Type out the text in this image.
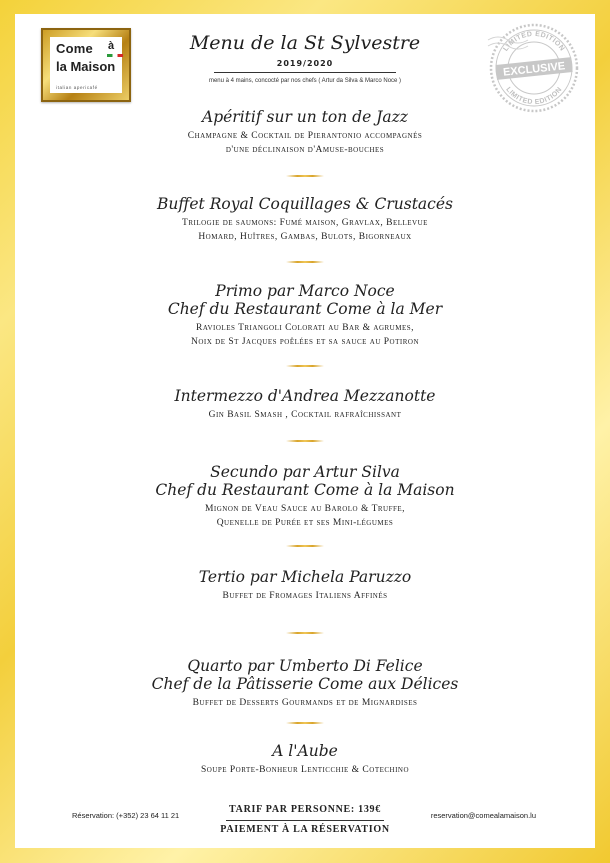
Come à
la Maison
italian apericafé
LIMITED EDITION
LIMITED EDITION
EXCLUSIVE
Menu de la St Sylvestre
2019/2020
menu à 4 mains, concocté par nos chefs ( Artur da Silva & Marco Noce )
Apéritif sur un ton de Jazz
Champagne & Cocktail de Pierantonio accompagnés
d'une déclinaison d'Amuse-bouches
Buffet Royal Coquillages & Crustacés
Trilogie de saumons: Fumé maison, Gravlax, Bellevue
Homard, Huîtres, Gambas, Bulots, Bigorneaux
Primo par Marco Noce
Chef du Restaurant Come à la Mer
Ravioles Triangoli Colorati au Bar & agrumes,
Noix de St Jacques poêlées et sa sauce au Potiron
Intermezzo d'Andrea Mezzanotte
Gin Basil Smash , Cocktail rafraîchissant
Secundo par Artur Silva
Chef du Restaurant Come à la Maison
Mignon de Veau Sauce au Barolo & Truffe,
Quenelle de Purée et ses Mini-légumes
Tertio par Michela Paruzzo
Buffet de Fromages Italiens Affinés
Quarto par Umberto Di Felice
Chef de la Pâtisserie Come aux Délices
Buffet de Desserts Gourmands et de Mignardises
A l'Aube
Soupe Porte-Bonheur Lenticchie & Cotechino
Réservation: (+352) 23 64 11 21
TARIF PAR PERSONNE: 139€
PAIEMENT À LA RÉSERVATION
reservation@comealamaison.lu
